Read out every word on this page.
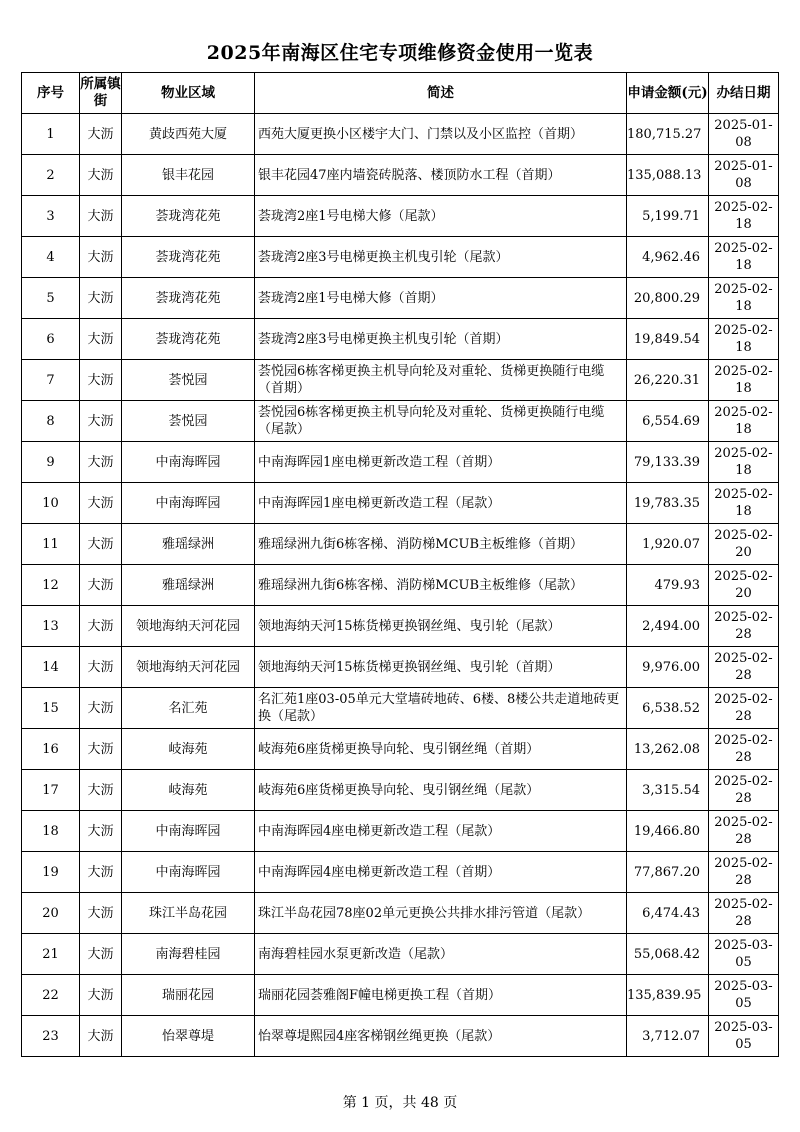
2025年南海区住宅专项维修资金使用一览表
序号	所属镇街	物业区域	简述	申请金额(元)	办结日期
1	大沥	黄歧西苑大厦	西苑大厦更换小区楼宇大门、门禁以及小区监控（首期）	180,715.27	2025-01-08
2	大沥	银丰花园	银丰花园47座内墙瓷砖脱落、楼顶防水工程（首期）	135,088.13	2025-01-08
3	大沥	荟珑湾花苑	荟珑湾2座1号电梯大修（尾款）	5,199.71	2025-02-18
4	大沥	荟珑湾花苑	荟珑湾2座3号电梯更换主机曳引轮（尾款）	4,962.46	2025-02-18
5	大沥	荟珑湾花苑	荟珑湾2座1号电梯大修（首期）	20,800.29	2025-02-18
6	大沥	荟珑湾花苑	荟珑湾2座3号电梯更换主机曳引轮（首期）	19,849.54	2025-02-18
7	大沥	荟悦园	荟悦园6栋客梯更换主机导向轮及对重轮、货梯更换随行电缆（首期）	26,220.31	2025-02-18
8	大沥	荟悦园	荟悦园6栋客梯更换主机导向轮及对重轮、货梯更换随行电缆（尾款）	6,554.69	2025-02-18
9	大沥	中南海晖园	中南海晖园1座电梯更新改造工程（首期）	79,133.39	2025-02-18
10	大沥	中南海晖园	中南海晖园1座电梯更新改造工程（尾款）	19,783.35	2025-02-18
11	大沥	雅瑶绿洲	雅瑶绿洲九街6栋客梯、消防梯MCUB主板维修（首期）	1,920.07	2025-02-20
12	大沥	雅瑶绿洲	雅瑶绿洲九街6栋客梯、消防梯MCUB主板维修（尾款）	479.93	2025-02-20
13	大沥	领地海纳天河花园	领地海纳天河15栋货梯更换钢丝绳、曳引轮（尾款）	2,494.00	2025-02-28
14	大沥	领地海纳天河花园	领地海纳天河15栋货梯更换钢丝绳、曳引轮（首期）	9,976.00	2025-02-28
15	大沥	名汇苑	名汇苑1座03-05单元大堂墙砖地砖、6楼、8楼公共走道地砖更换（尾款）	6,538.52	2025-02-28
16	大沥	岐海苑	岐海苑6座货梯更换导向轮、曳引钢丝绳（首期）	13,262.08	2025-02-28
17	大沥	岐海苑	岐海苑6座货梯更换导向轮、曳引钢丝绳（尾款）	3,315.54	2025-02-28
18	大沥	中南海晖园	中南海晖园4座电梯更新改造工程（尾款）	19,466.80	2025-02-28
19	大沥	中南海晖园	中南海晖园4座电梯更新改造工程（首期）	77,867.20	2025-02-28
20	大沥	珠江半岛花园	珠江半岛花园78座02单元更换公共排水排污管道（尾款）	6,474.43	2025-02-28
21	大沥	南海碧桂园	南海碧桂园水泵更新改造（尾款）	55,068.42	2025-03-05
22	大沥	瑞丽花园	瑞丽花园荟雅阁F幢电梯更换工程（首期）	135,839.95	2025-03-05
23	大沥	怡翠尊堤	怡翠尊堤熙园4座客梯钢丝绳更换（尾款）	3,712.07	2025-03-05
第 1 页，共 48 页
